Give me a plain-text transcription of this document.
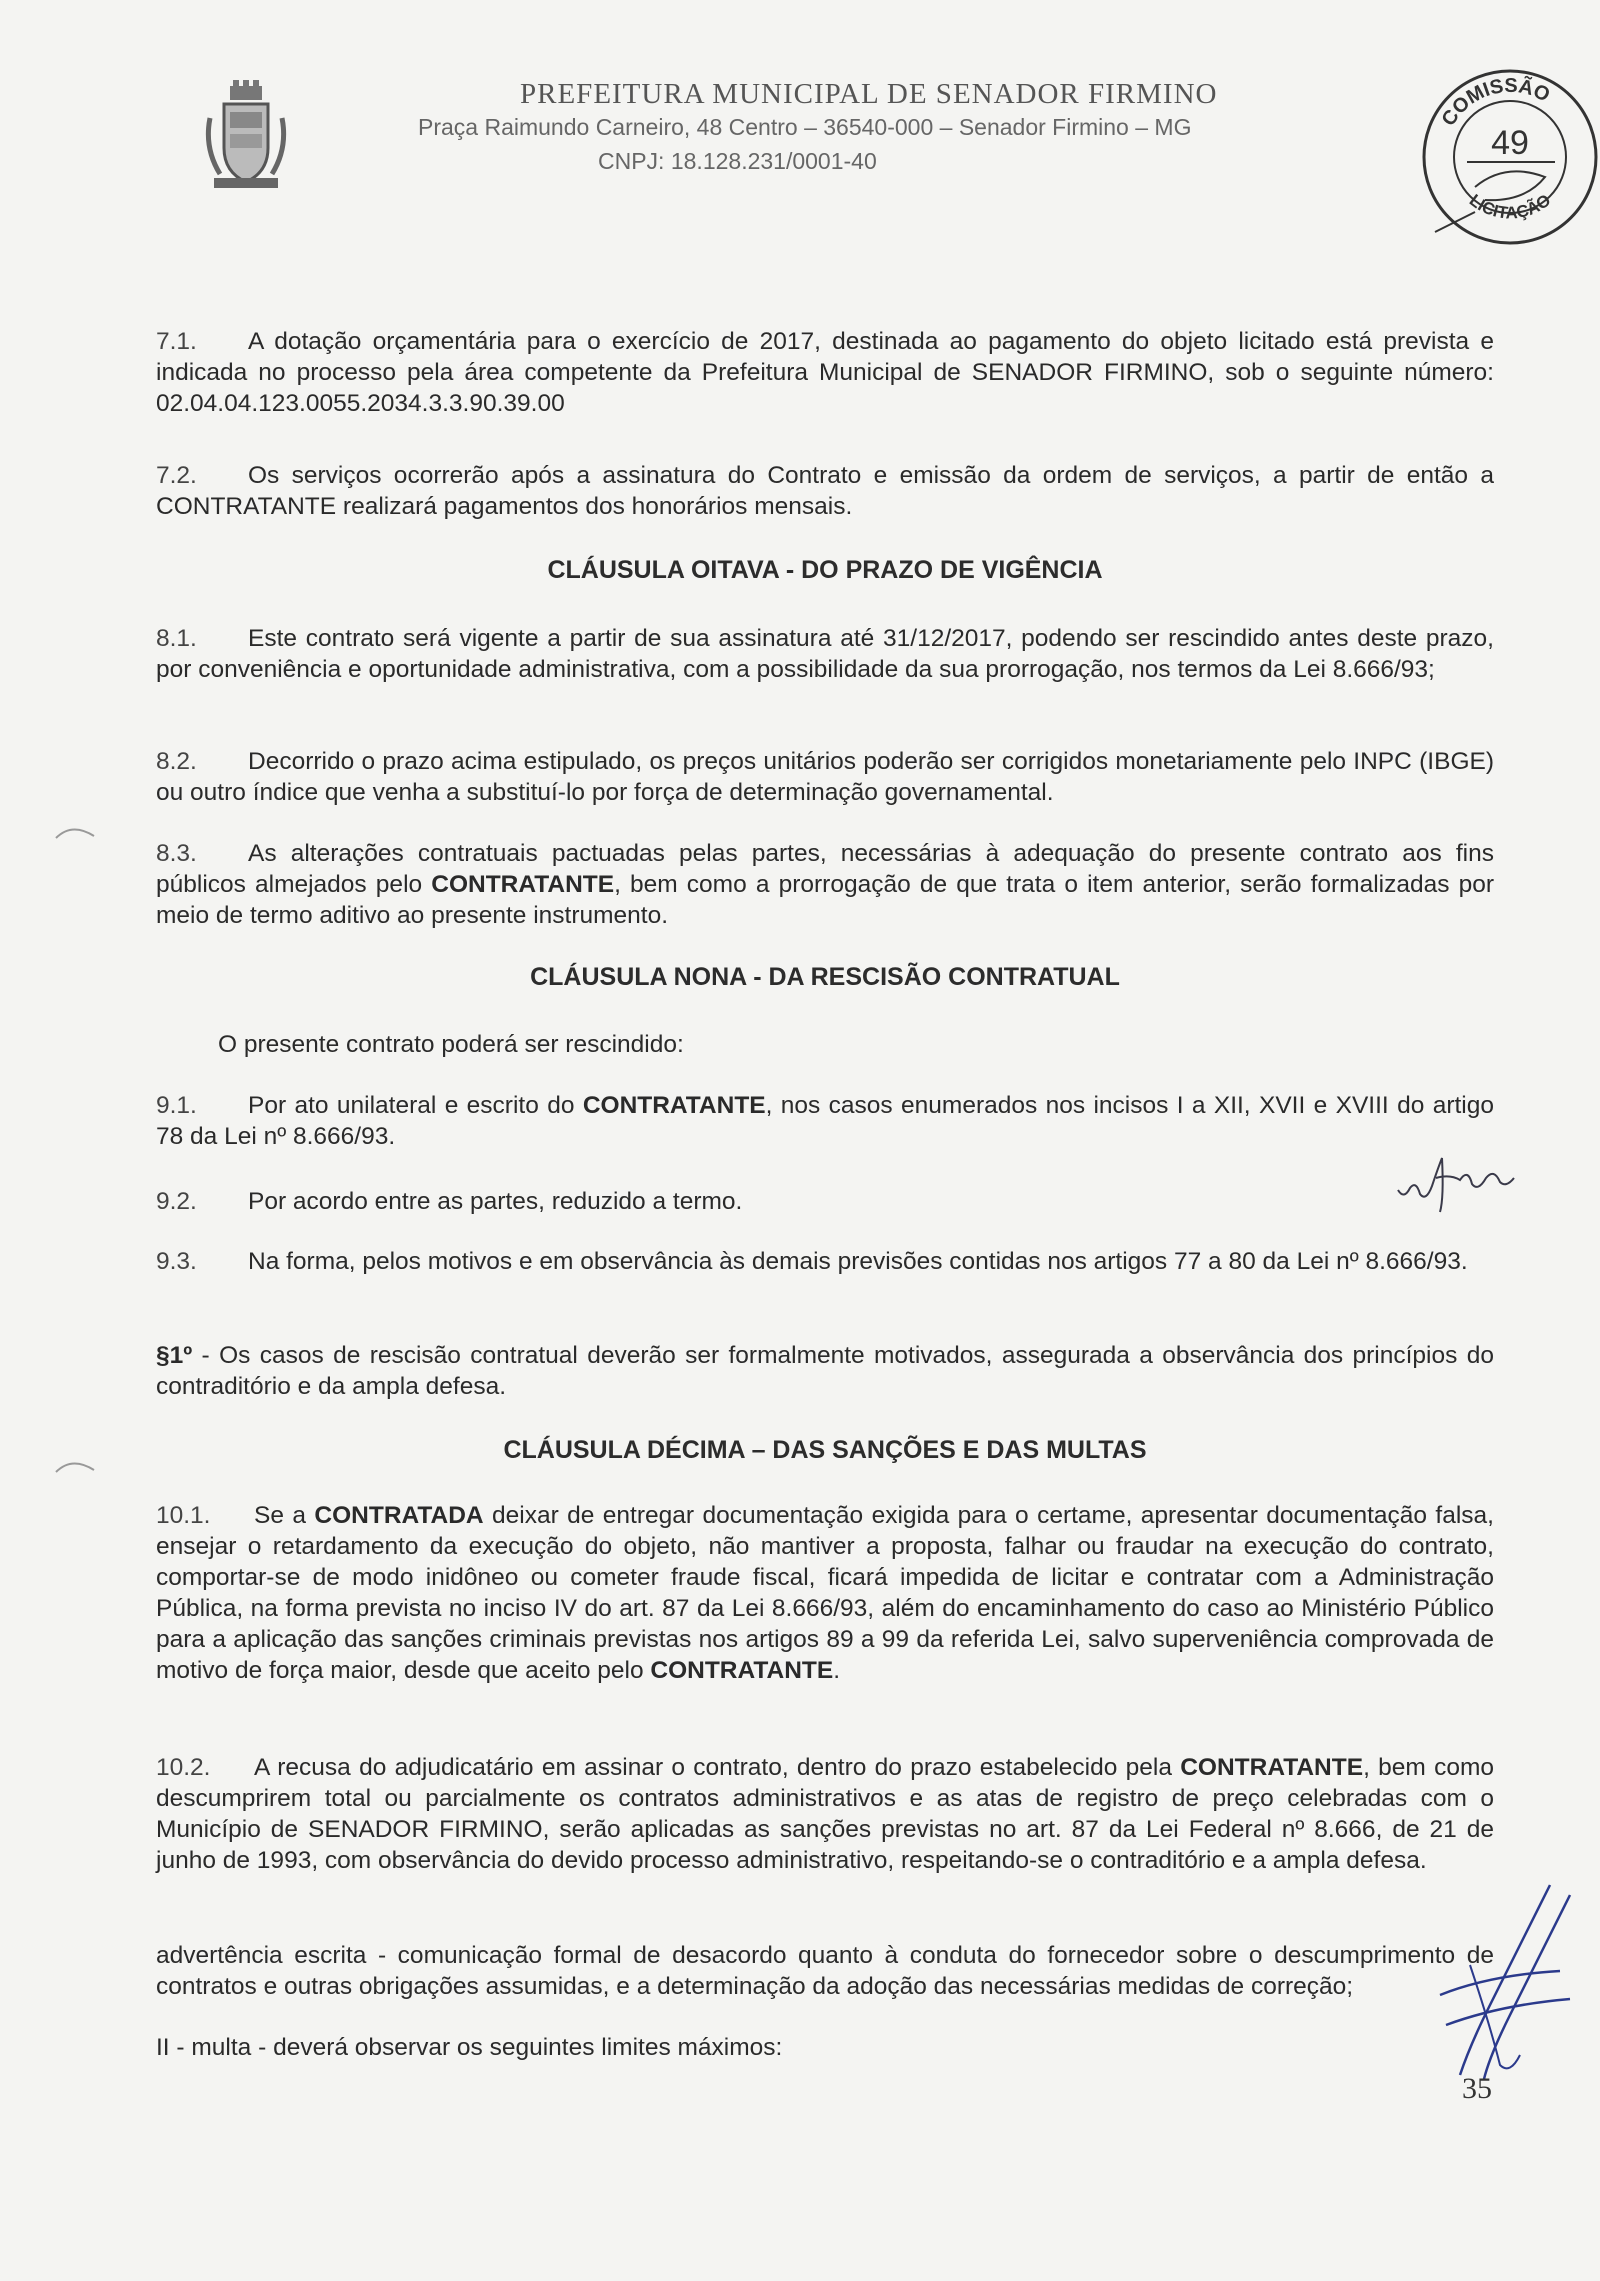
PREFEITURA MUNICIPAL DE SENADOR FIRMINO
Praça Raimundo Carneiro, 48 Centro – 36540-000 – Senador Firmino – MG
CNPJ: 18.128.231/0001-40
COMISSÃO
49
LICITAÇÃO
7.1. A dotação orçamentária para o exercício de 2017, destinada ao pagamento do objeto licitado está prevista e indicada no processo pela área competente da Prefeitura Municipal de SENADOR FIRMINO, sob o seguinte número: 02.04.04.123.0055.2034.3.3.90.39.00
7.2. Os serviços ocorrerão após a assinatura do Contrato e emissão da ordem de serviços, a partir de então a CONTRATANTE realizará pagamentos dos honorários mensais.
CLÁUSULA OITAVA - DO PRAZO DE VIGÊNCIA
8.1. Este contrato será vigente a partir de sua assinatura até 31/12/2017, podendo ser rescindido antes deste prazo, por conveniência e oportunidade administrativa, com a possibilidade da sua prorrogação, nos termos da Lei 8.666/93;
8.2. Decorrido o prazo acima estipulado, os preços unitários poderão ser corrigidos monetariamente pelo INPC (IBGE) ou outro índice que venha a substituí-lo por força de determinação governamental.
8.3. As alterações contratuais pactuadas pelas partes, necessárias à adequação do presente contrato aos fins públicos almejados pelo CONTRATANTE, bem como a prorrogação de que trata o item anterior, serão formalizadas por meio de termo aditivo ao presente instrumento.
CLÁUSULA NONA - DA RESCISÃO CONTRATUAL
O presente contrato poderá ser rescindido:
9.1. Por ato unilateral e escrito do CONTRATANTE, nos casos enumerados nos incisos I a XII, XVII e XVIII do artigo 78 da Lei nº 8.666/93.
9.2. Por acordo entre as partes, reduzido a termo.
9.3. Na forma, pelos motivos e em observância às demais previsões contidas nos artigos 77 a 80 da Lei nº 8.666/93.
§1º - Os casos de rescisão contratual deverão ser formalmente motivados, assegurada a observância dos princípios do contraditório e da ampla defesa.
CLÁUSULA DÉCIMA – DAS SANÇÕES E DAS MULTAS
10.1. Se a CONTRATADA deixar de entregar documentação exigida para o certame, apresentar documentação falsa, ensejar o retardamento da execução do objeto, não mantiver a proposta, falhar ou fraudar na execução do contrato, comportar-se de modo inidôneo ou cometer fraude fiscal, ficará impedida de licitar e contratar com a Administração Pública, na forma prevista no inciso IV do art. 87 da Lei 8.666/93, além do encaminhamento do caso ao Ministério Público para a aplicação das sanções criminais previstas nos artigos 89 a 99 da referida Lei, salvo superveniência comprovada de motivo de força maior, desde que aceito pelo CONTRATANTE.
10.2. A recusa do adjudicatário em assinar o contrato, dentro do prazo estabelecido pela CONTRATANTE, bem como descumprirem total ou parcialmente os contratos administrativos e as atas de registro de preço celebradas com o Município de SENADOR FIRMINO, serão aplicadas as sanções previstas no art. 87 da Lei Federal nº 8.666, de 21 de junho de 1993, com observância do devido processo administrativo, respeitando-se o contraditório e a ampla defesa.
advertência escrita - comunicação formal de desacordo quanto à conduta do fornecedor sobre o descumprimento de contratos e outras obrigações assumidas, e a determinação da adoção das necessárias medidas de correção;
II - multa - deverá observar os seguintes limites máximos:
35
